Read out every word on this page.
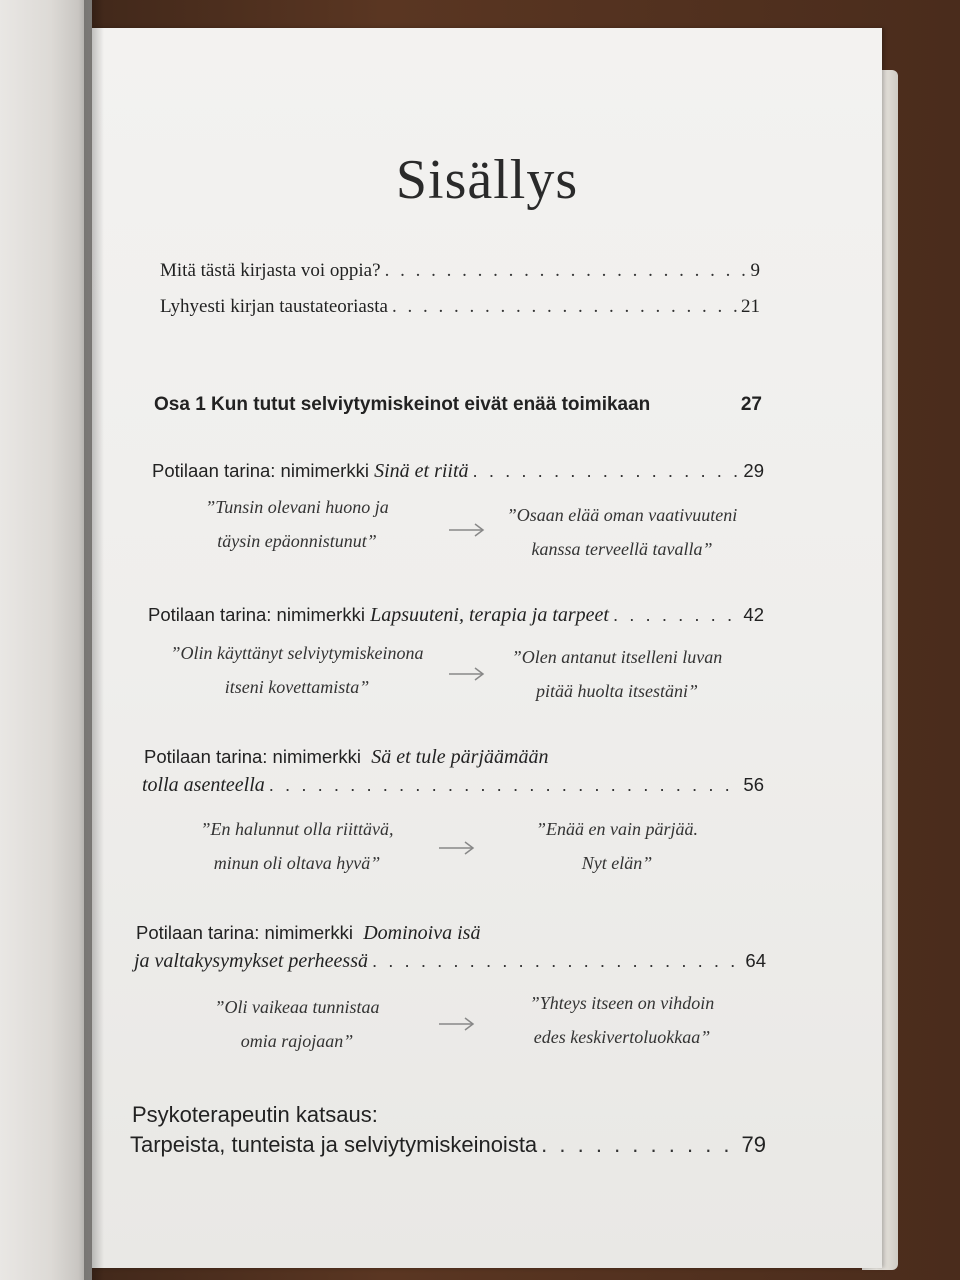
Sisällys
Mitä tästä kirjasta voi oppia? . . .	9
Lyhyesti kirjan taustateoriasta . . .	21
Osa 1 Kun tutut selviytymiskeinot eivät enää toimikaan	27
Potilaan tarina: nimimerkki
Sinä et riitä . . .	29
”Tunsin olevani huono ja
täysin epäonnistunut”
”Osaan elää oman vaativuuteni
kanssa terveellä tavalla”
Potilaan tarina: nimimerkki
Lapsuuteni, terapia ja tarpeet . . .	42
”Olin käyttänyt selviytymiskeinona
itseni kovettamista”
”Olen antanut itselleni luvan
pitää huolta itsestäni”
Potilaan tarina: nimimerkki  Sä et tule pärjäämään
tolla asenteella . . .	56
”En halunnut olla riittävä,
minun oli oltava hyvä”
”Enää en vain pärjää.
Nyt elän”
Potilaan tarina: nimimerkki  Dominoiva isä
ja valtakysymykset perheessä . . .	64
”Oli vaikeaa tunnistaa
omia rajojaan”
”Yhteys itseen on vihdoin
edes keskivertoluokkaa”
Psykoterapeutin katsaus:
Tarpeista, tunteista ja selviytymiskeinoista . . .	79
